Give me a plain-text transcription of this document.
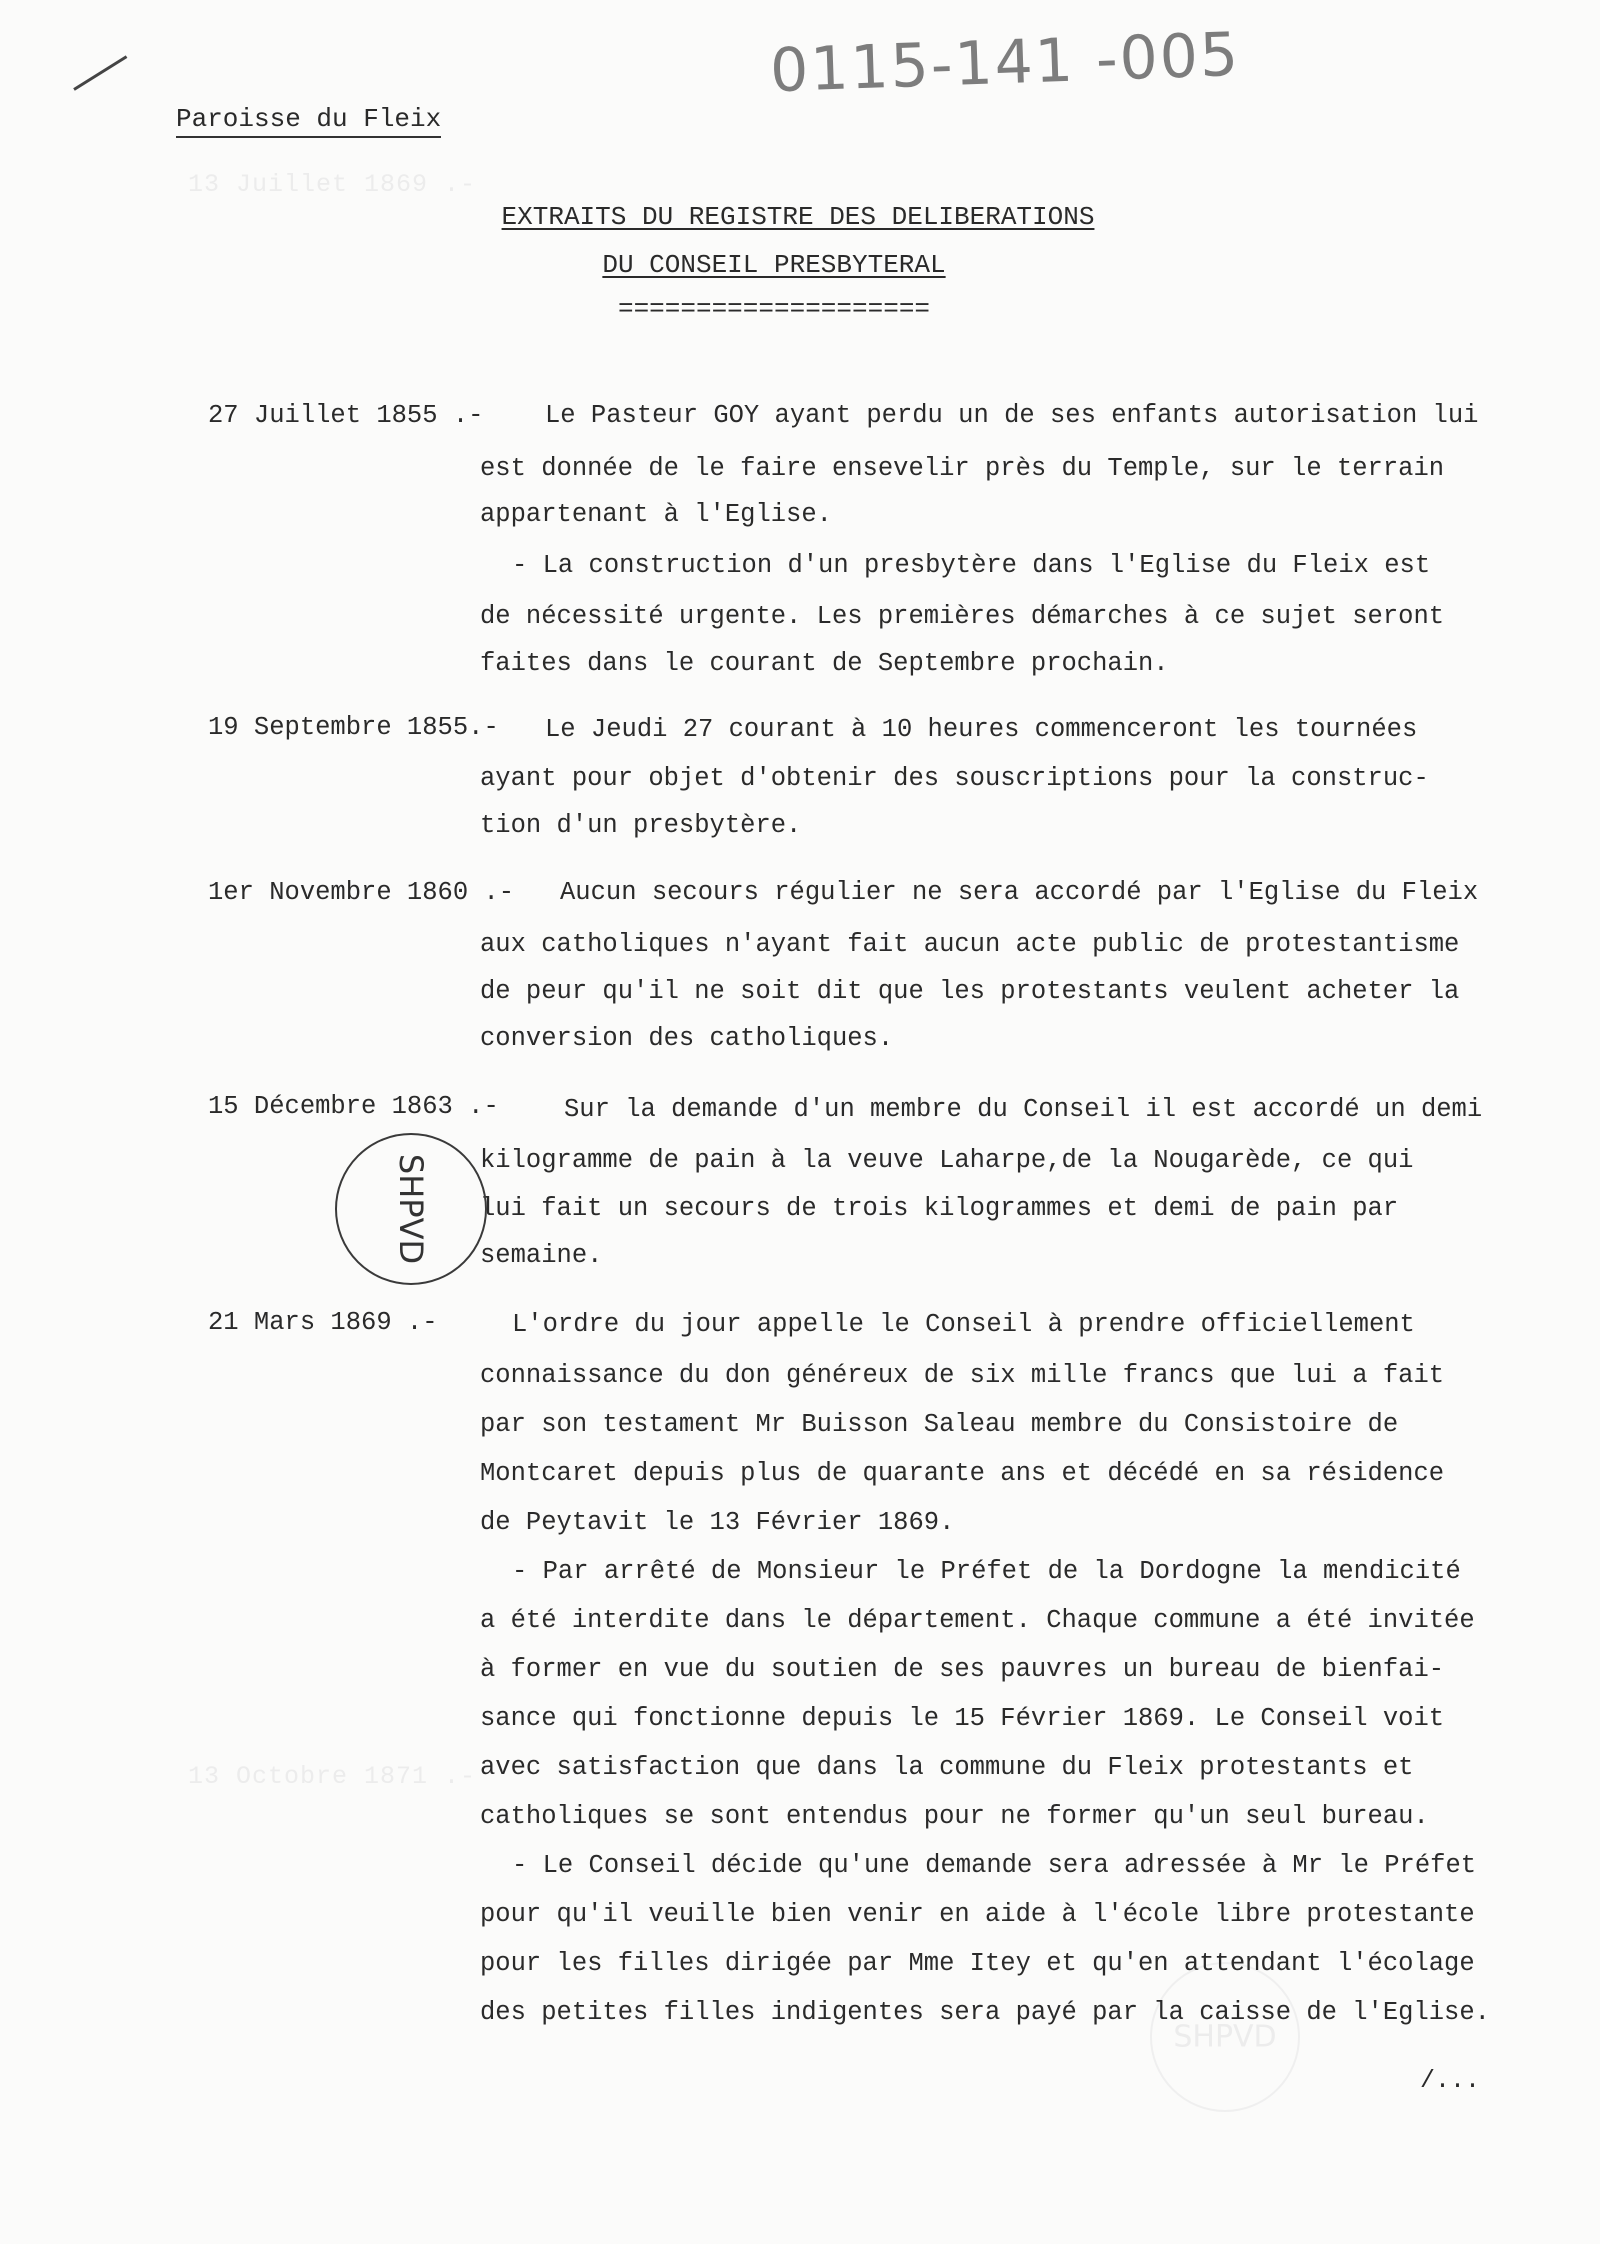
13 Juillet 1869 .-
13 Octobre 1871 .-
SHPVD
0115-141 -005
Paroisse du Fleix
EXTRAITS DU REGISTRE DES DELIBERATIONS
DU CONSEIL PRESBYTERAL
====================
27 Juillet 1855 .- Le Pasteur GOY ayant perdu un de ses enfants autorisation lui
est donnée de le faire ensevelir près du Temple, sur le terrain
appartenant à l'Eglise.
- La construction d'un presbytère dans l'Eglise du Fleix est
de nécessité urgente. Les premières démarches à ce sujet seront
faites dans le courant de Septembre prochain.
19 Septembre 1855.- Le Jeudi 27 courant à 10 heures commenceront les tournées
ayant pour objet d'obtenir des souscriptions pour la construc-
tion d'un presbytère.
1er Novembre 1860 .- Aucun secours régulier ne sera accordé par l'Eglise du Fleix
aux catholiques n'ayant fait aucun acte public de protestantisme
de peur qu'il ne soit dit que les protestants veulent acheter la
conversion des catholiques.
15 Décembre 1863 .-	Sur la demande d'un membre du Conseil il est accordé un demi
kilogramme de pain à la veuve Laharpe,de la Nougarède, ce qui
lui fait un secours de trois kilogrammes et demi de pain par
semaine.
21 Mars 1869 .-	L'ordre du jour appelle le Conseil à prendre officiellement
connaissance du don généreux de six mille francs que lui a fait
par son testament Mr Buisson Saleau membre du Consistoire de
Montcaret depuis plus de quarante ans et décédé en sa résidence
de Peytavit le 13 Février 1869.
- Par arrêté de Monsieur le Préfet de la Dordogne la mendicité
a été interdite dans le département. Chaque commune a été invitée
à former en vue du soutien de ses pauvres un bureau de bienfai-
sance qui fonctionne depuis le 15 Février 1869. Le Conseil voit
avec satisfaction que dans la commune du Fleix protestants et
catholiques se sont entendus pour ne former qu'un seul bureau.
- Le Conseil décide qu'une demande sera adressée à Mr le Préfet
pour qu'il veuille bien venir en aide à l'école libre protestante
pour les filles dirigée par Mme Itey et qu'en attendant l'écolage
des petites filles indigentes sera payé par la caisse de l'Eglise.
SHPVD
/...
